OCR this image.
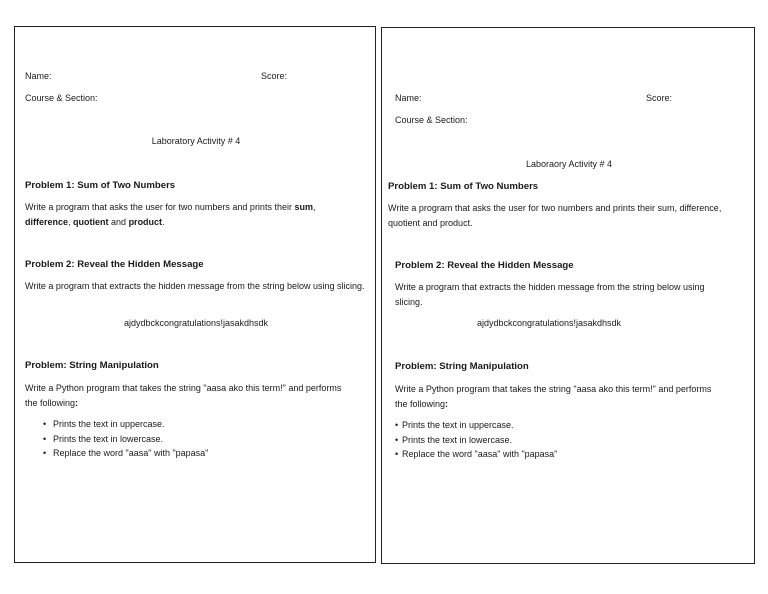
Name:	Score:
Course & Section:
Laboratory Activity # 4
Problem 1: Sum of Two Numbers
Write a program that asks the user for two numbers and prints their sum, difference, quotient and product.
Problem 2: Reveal the Hidden Message
Write a program that extracts the hidden message from the string below using slicing.
ajdydbckcongratulations!jasakdhsdk
Problem: String Manipulation
Write a Python program that takes the string "aasa ako this term!" and performs the following:
• Prints the text in uppercase.
• Prints the text in lowercase.
• Replace the word "aasa" with "papasa"
Name:	Score:
Course & Section:
Laboraory Activity # 4
Problem 1: Sum of Two Numbers
Write a program that asks the user for two numbers and prints their sum, difference, quotient and product.
Problem 2: Reveal the Hidden Message
Write a program that extracts the hidden message from the string below using slicing.
ajdydbckcongratulations!jasakdhsdk
Problem: String Manipulation
Write a Python program that takes the string "aasa ako this term!" and performs the following:
• Prints the text in uppercase.
• Prints the text in lowercase.
• Replace the word "aasa" with "papasa"
